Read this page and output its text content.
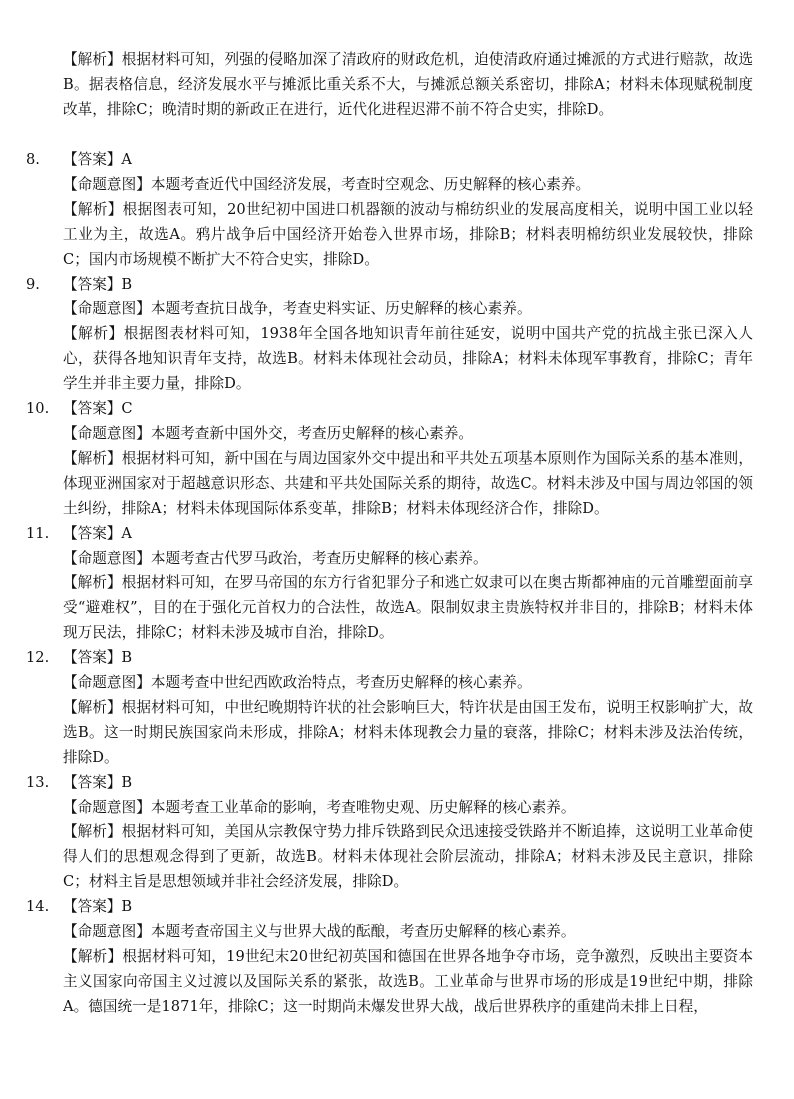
【解析】根据材料可知，列强的侵略加深了清政府的财政危机，迫使清政府通过摊派的方式进行赔款，故选B。据表格信息，经济发展水平与摊派比重关系不大，与摊派总额关系密切，排除A；材料未体现赋税制度改革，排除C；晚清时期的新政正在进行，近代化进程迟滞不前不符合史实，排除D。
8. 【答案】A
【命题意图】本题考查近代中国经济发展，考查时空观念、历史解释的核心素养。
【解析】根据图表可知，20世纪初中国进口机器额的波动与棉纺织业的发展高度相关，说明中国工业以轻工业为主，故选A。鸦片战争后中国经济开始卷入世界市场，排除B；材料表明棉纺织业发展较快，排除C；国内市场规模不断扩大不符合史实，排除D。
9. 【答案】B
【命题意图】本题考查抗日战争，考查史料实证、历史解释的核心素养。
【解析】根据图表材料可知，1938年全国各地知识青年前往延安，说明中国共产党的抗战主张已深入人心，获得各地知识青年支持，故选B。材料未体现社会动员，排除A；材料未体现军事教育，排除C；青年学生并非主要力量，排除D。
10. 【答案】C
【命题意图】本题考查新中国外交，考查历史解释的核心素养。
【解析】根据材料可知，新中国在与周边国家外交中提出和平共处五项基本原则作为国际关系的基本准则，体现亚洲国家对于超越意识形态、共建和平共处国际关系的期待，故选C。材料未涉及中国与周边邻国的领土纠纷，排除A；材料未体现国际体系变革，排除B；材料未体现经济合作，排除D。
11. 【答案】A
【命题意图】本题考查古代罗马政治，考查历史解释的核心素养。
【解析】根据材料可知，在罗马帝国的东方行省犯罪分子和逃亡奴隶可以在奥古斯都神庙的元首雕塑面前享受“避难权”，目的在于强化元首权力的合法性，故选A。限制奴隶主贵族特权并非目的，排除B；材料未体现万民法，排除C；材料未涉及城市自治，排除D。
12. 【答案】B
【命题意图】本题考查中世纪西欧政治特点，考查历史解释的核心素养。
【解析】根据材料可知，中世纪晚期特许状的社会影响巨大，特许状是由国王发布，说明王权影响扩大，故选B。这一时期民族国家尚未形成，排除A；材料未体现教会力量的衰落，排除C；材料未涉及法治传统，排除D。
13. 【答案】B
【命题意图】本题考查工业革命的影响，考查唯物史观、历史解释的核心素养。
【解析】根据材料可知，美国从宗教保守势力排斥铁路到民众迅速接受铁路并不断追捧，这说明工业革命使得人们的思想观念得到了更新，故选B。材料未体现社会阶层流动，排除A；材料未涉及民主意识，排除C；材料主旨是思想领域并非社会经济发展，排除D。
14. 【答案】B
【命题意图】本题考查帝国主义与世界大战的酝酿，考查历史解释的核心素养。
【解析】根据材料可知，19世纪末20世纪初英国和德国在世界各地争夺市场，竞争激烈，反映出主要资本主义国家向帝国主义过渡以及国际关系的紧张，故选B。工业革命与世界市场的形成是19世纪中期，排除A。德国统一是1871年，排除C；这一时期尚未爆发世界大战，战后世界秩序的重建尚未排上日程，
